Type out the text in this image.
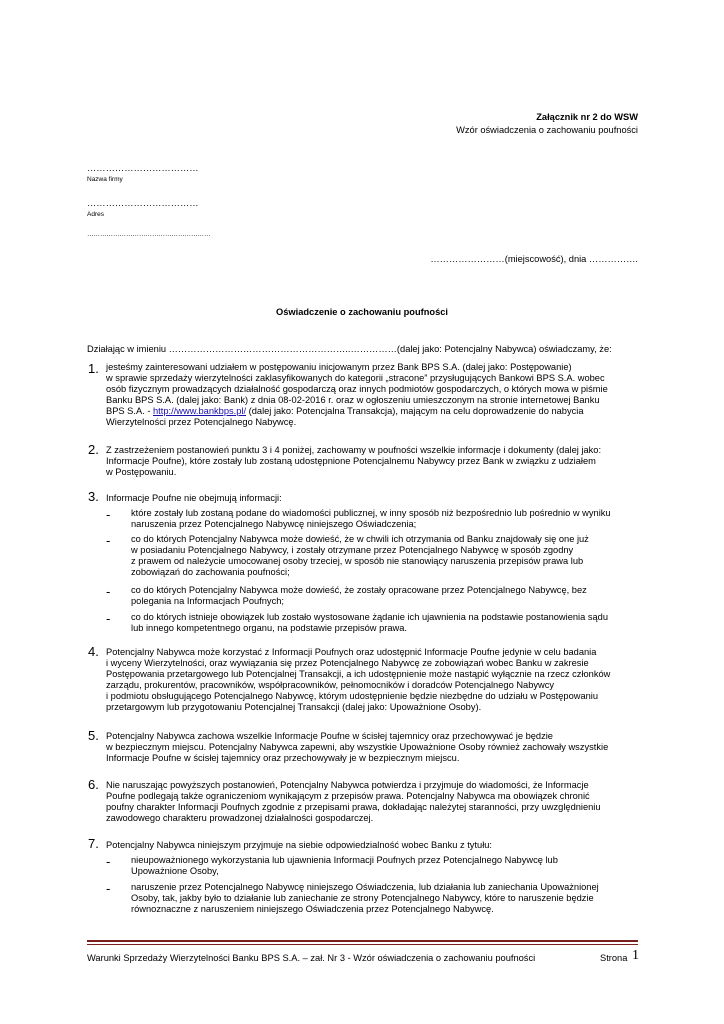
Załącznik nr 2 do WSW
Wzór oświadczenia o zachowaniu poufności
………………………………
Nazwa firmy
………………………………
Adres
…………………………………………………
……………………(miejscowość), dnia …………….
Oświadczenie o zachowaniu poufności
Działając w imieniu …………………………………………………..……………(dalej jako: Potencjalny Nabywca) oświadczamy, że:
1. jesteśmy zainteresowani udziałem w postępowaniu inicjowanym przez Bank BPS S.A. (dalej jako: Postępowanie)
w sprawie sprzedaży wierzytelności zaklasyfikowanych do kategorii „stracone” przysługujących Bankowi BPS S.A. wobec
osób fizycznym prowadzących działalność gospodarczą oraz innych podmiotów gospodarczych, o których mowa w piśmie
Banku BPS S.A. (dalej jako: Bank) z dnia 08-02-2016 r. oraz w ogłoszeniu umieszczonym na stronie internetowej Banku
BPS S.A. - http://www.bankbps.pl/ (dalej jako: Potencjalna Transakcja), mającym na celu doprowadzenie do nabycia
Wierzytelności przez Potencjalnego Nabywcę.
2. Z zastrzeżeniem postanowień punktu 3 i 4 poniżej, zachowamy w poufności wszelkie informacje i dokumenty (dalej jako:
Informacje Poufne), które zostały lub zostaną udostępnione Potencjalnemu Nabywcy przez Bank w związku z udziałem
w Postępowaniu.
3. Informacje Poufne nie obejmują informacji:
- które zostały lub zostaną podane do wiadomości publicznej, w inny sposób niż bezpośrednio lub pośrednio w wyniku
naruszenia przez Potencjalnego Nabywcę niniejszego Oświadczenia;
- co do których Potencjalny Nabywca może dowieść, że w chwili ich otrzymania od Banku znajdowały się one już
w posiadaniu Potencjalnego Nabywcy, i zostały otrzymane przez Potencjalnego Nabywcę w sposób zgodny
z prawem od należycie umocowanej osoby trzeciej, w sposób nie stanowiący naruszenia przepisów prawa lub
zobowiązań do zachowania poufności;
- co do których Potencjalny Nabywca może dowieść, że zostały opracowane przez Potencjalnego Nabywcę, bez
polegania na Informacjach Poufnych;
- co do których istnieje obowiązek lub zostało wystosowane żądanie ich ujawnienia na podstawie postanowienia sądu
lub innego kompetentnego organu, na podstawie przepisów prawa.
4. Potencjalny Nabywca może korzystać z Informacji Poufnych oraz udostępnić Informacje Poufne jedynie w celu badania
i wyceny Wierzytelności, oraz wywiązania się przez Potencjalnego Nabywcę ze zobowiązań wobec Banku w zakresie
Postępowania przetargowego lub Potencjalnej Transakcji, a ich udostępnienie może nastąpić wyłącznie na rzecz członków
zarządu, prokurentów, pracowników, współpracowników, pełnomocników i doradców Potencjalnego Nabywcy
i podmiotu obsługującego Potencjalnego Nabywcę, którym udostępnienie będzie niezbędne do udziału w Postępowaniu
przetargowym lub przygotowaniu Potencjalnej Transakcji (dalej jako: Upoważnione Osoby).
5. Potencjalny Nabywca zachowa wszelkie Informacje Poufne w ścisłej tajemnicy oraz przechowywać je będzie
w bezpiecznym miejscu. Potencjalny Nabywca zapewni, aby wszystkie Upoważnione Osoby również zachowały wszystkie
Informacje Poufne w ścisłej tajemnicy oraz przechowywały je w bezpiecznym miejscu.
6. Nie naruszając powyższych postanowień, Potencjalny Nabywca potwierdza i przyjmuje do wiadomości, że Informacje
Poufne podlegają także ograniczeniom wynikającym z przepisów prawa. Potencjalny Nabywca ma obowiązek chronić
poufny charakter Informacji Poufnych zgodnie z przepisami prawa, dokładając należytej staranności, przy uwzględnieniu
zawodowego charakteru prowadzonej działalności gospodarczej.
7. Potencjalny Nabywca niniejszym przyjmuje na siebie odpowiedzialność wobec Banku z tytułu:
- nieupoważnionego wykorzystania lub ujawnienia Informacji Poufnych przez Potencjalnego Nabywcę lub
Upoważnione Osoby,
- naruszenie przez Potencjalnego Nabywcę niniejszego Oświadczenia, lub działania lub zaniechania Upoważnionej
Osoby, tak, jakby było to działanie lub zaniechanie ze strony Potencjalnego Nabywcy, które to naruszenie będzie
równoznaczne z naruszeniem niniejszego Oświadczenia przez Potencjalnego Nabywcę.
Warunki Sprzedaży Wierzytelności Banku BPS S.A. – zał. Nr 3 - Wzór oświadczenia o zachowaniu poufności	Strona 1
